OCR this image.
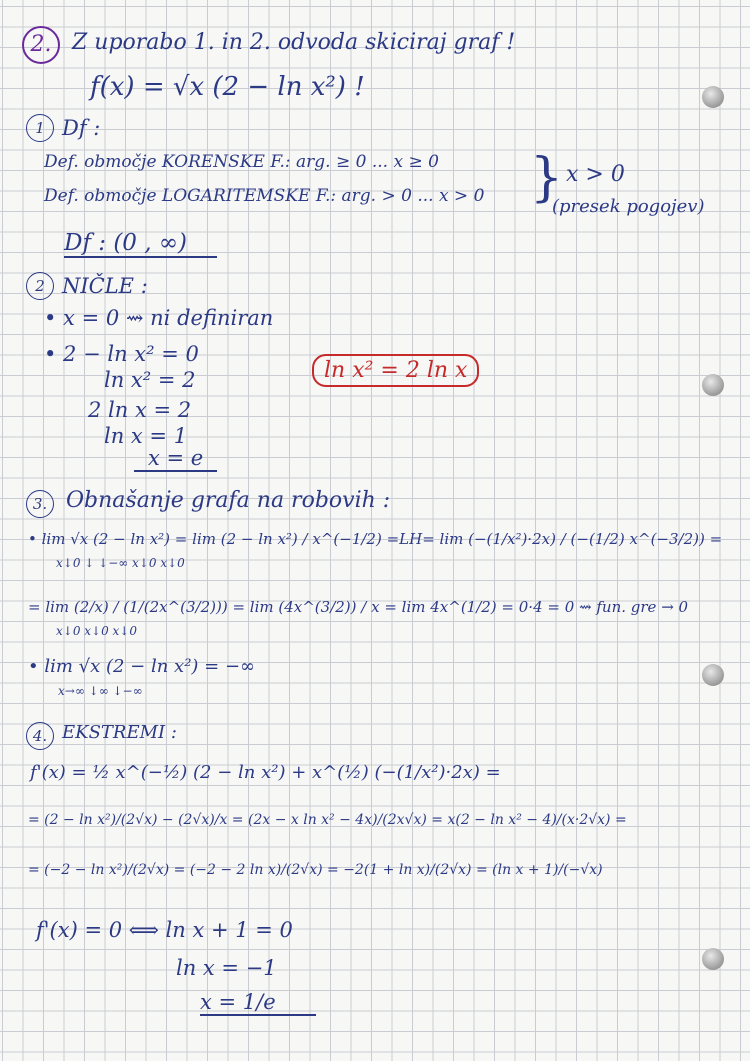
2. Z uporabo 1. in 2. odvoda skiciraj graf !
f(x) = √x (2 − ln x²) !
1 Df :
Def. območje KORENSKE F.: arg. ≥ 0 ... x ≥ 0
Def. območje LOGARITEMSKE F.: arg. > 0 ... x > 0 } x > 0
(presek pogojev)
Df : (0 , ∞)
2 NIČLE :
• x = 0 ⇝ ni definiran
• 2 − ln x² = 0
ln x² = 2
2 ln x = 2
ln x = 1
x = e
ln x² = 2 ln x
3. Obnašanje grafa na robovih :
• lim √x (2 − ln x²) = lim (2 − ln x²) / x^(−1/2) =LH= lim (−(1/x²)·2x) / (−(1/2) x^(−3/2)) =
x↓0 ↓ ↓−∞ x↓0 x↓0
= lim (2/x) / (1/(2x^(3/2))) = lim (4x^(3/2)) / x = lim 4x^(1/2) = 0·4 = 0 ⇝ fun. gre → 0
x↓0 x↓0 x↓0
• lim √x (2 − ln x²) = −∞
x→∞ ↓∞ ↓−∞
4. EKSTREMI :
f'(x) = ½ x^(−½) (2 − ln x²) + x^(½) (−(1/x²)·2x) =
= (2 − ln x²)/(2√x) − (2√x)/x = (2x − x ln x² − 4x)/(2x√x) = x(2 − ln x² − 4)/(x·2√x) =
= (−2 − ln x²)/(2√x) = (−2 − 2 ln x)/(2√x) = −2(1 + ln x)/(2√x) = (ln x + 1)/(−√x)
f'(x) = 0 ⟺ ln x + 1 = 0
ln x = −1
x = 1/e
